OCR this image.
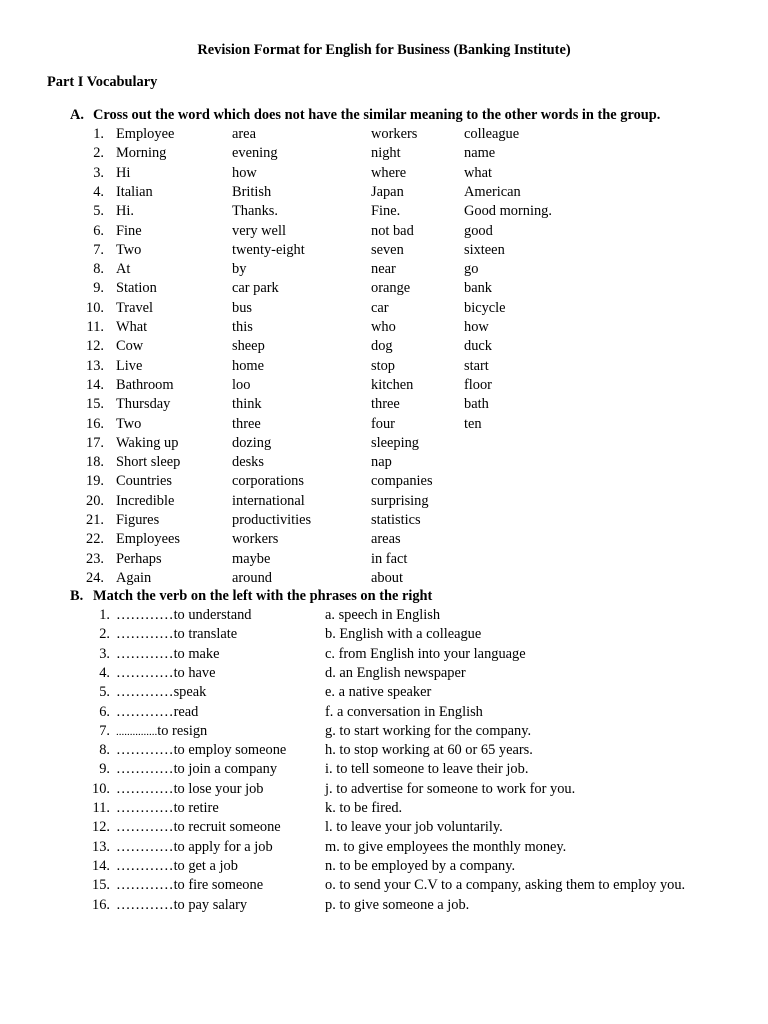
Revision Format for English for Business (Banking Institute)
Part I Vocabulary
A. Cross out the word which does not have the similar meaning to the other words in the group.
1. Employee	area	workers	colleague
2. Morning	evening	night	name
3. Hi	how	where	what
4. Italian	British	Japan	American
5. Hi.	Thanks.	Fine.	Good morning.
6. Fine	very well	not bad	good
7. Two	twenty-eight	seven	sixteen
8. At	by	near	go
9. Station	car park	orange	bank
10. Travel	bus	car	bicycle
11. What	this	who	how
12. Cow	sheep	dog	duck
13. Live	home	stop	start
14. Bathroom	loo	kitchen	floor
15. Thursday	think	three	bath
16. Two	three	four	ten
17. Waking up	dozing	sleeping
18. Short sleep	desks	nap
19. Countries	corporations	companies
20. Incredible	international	surprising
21. Figures	productivities	statistics
22. Employees	workers	areas
23. Perhaps	maybe	in fact
24. Again	around	about
B. Match the verb on the left with the phrases on the right
1. …………to understand	a. speech in English
2. …………to translate	b. English with a colleague
3. …………to make	c. from English into your language
4. …………to have	d. an English newspaper
5. …………speak	e. a native speaker
6. …………read	f. a conversation in English
7. ...............to resign	g. to start working for the company.
8. …………to employ someone	h. to stop working at 60 or 65 years.
9. …………to join a company	i. to tell someone to leave their job.
10. …………to lose your job	j. to advertise for someone to work for you.
11. …………to retire	k. to be fired.
12. …………to recruit someone	l. to leave your job voluntarily.
13. …………to apply for a job	m. to give employees the monthly money.
14. …………to get a job	n. to be employed by a company.
15. …………to fire someone	o. to send your C.V to a company, asking them to employ you.
16. …………to pay salary	p. to give someone a job.
